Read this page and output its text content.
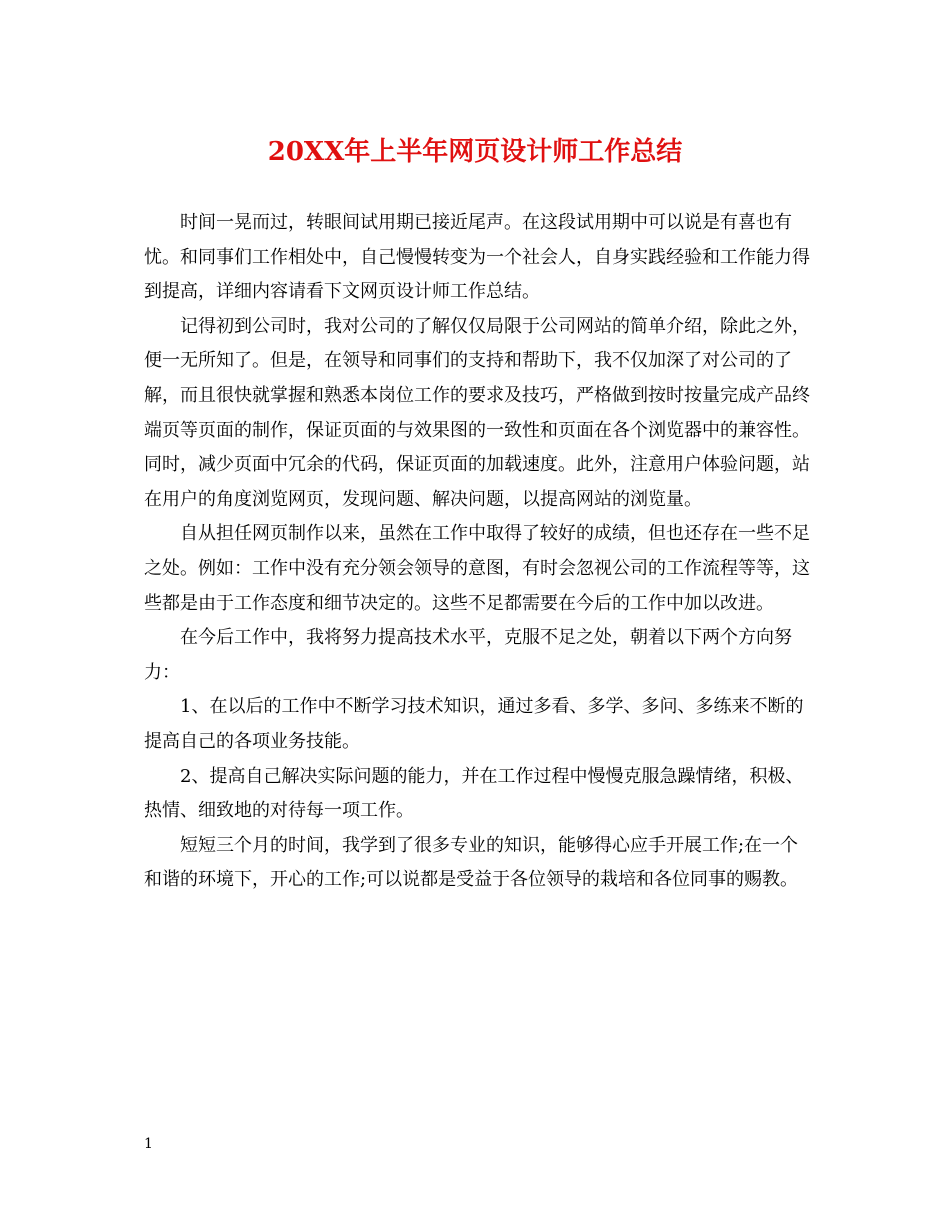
20XX年上半年网页设计师工作总结

时间一晃而过，转眼间试用期已接近尾声。在这段试用期中可以说是有喜也有忧。和同事们工作相处中，自己慢慢转变为一个社会人，自身实践经验和工作能力得到提高，详细内容请看下文网页设计师工作总结。

记得初到公司时，我对公司的了解仅仅局限于公司网站的简单介绍，除此之外，便一无所知了。但是，在领导和同事们的支持和帮助下，我不仅加深了对公司的了解，而且很快就掌握和熟悉本岗位工作的要求及技巧，严格做到按时按量完成产品终端页等页面的制作，保证页面的与效果图的一致性和页面在各个浏览器中的兼容性。同时，减少页面中冗余的代码，保证页面的加载速度。此外，注意用户体验问题，站在用户的角度浏览网页，发现问题、解决问题，以提高网站的浏览量。

自从担任网页制作以来，虽然在工作中取得了较好的成绩，但也还存在一些不足之处。例如：工作中没有充分领会领导的意图，有时会忽视公司的工作流程等等，这些都是由于工作态度和细节决定的。这些不足都需要在今后的工作中加以改进。

在今后工作中，我将努力提高技术水平，克服不足之处，朝着以下两个方向努力：

1、在以后的工作中不断学习技术知识，通过多看、多学、多问、多练来不断的提高自己的各项业务技能。

2、提高自己解决实际问题的能力，并在工作过程中慢慢克服急躁情绪，积极、热情、细致地的对待每一项工作。

短短三个月的时间，我学到了很多专业的知识，能够得心应手开展工作;在一个和谐的环境下，开心的工作;可以说都是受益于各位领导的栽培和各位同事的赐教。

1
